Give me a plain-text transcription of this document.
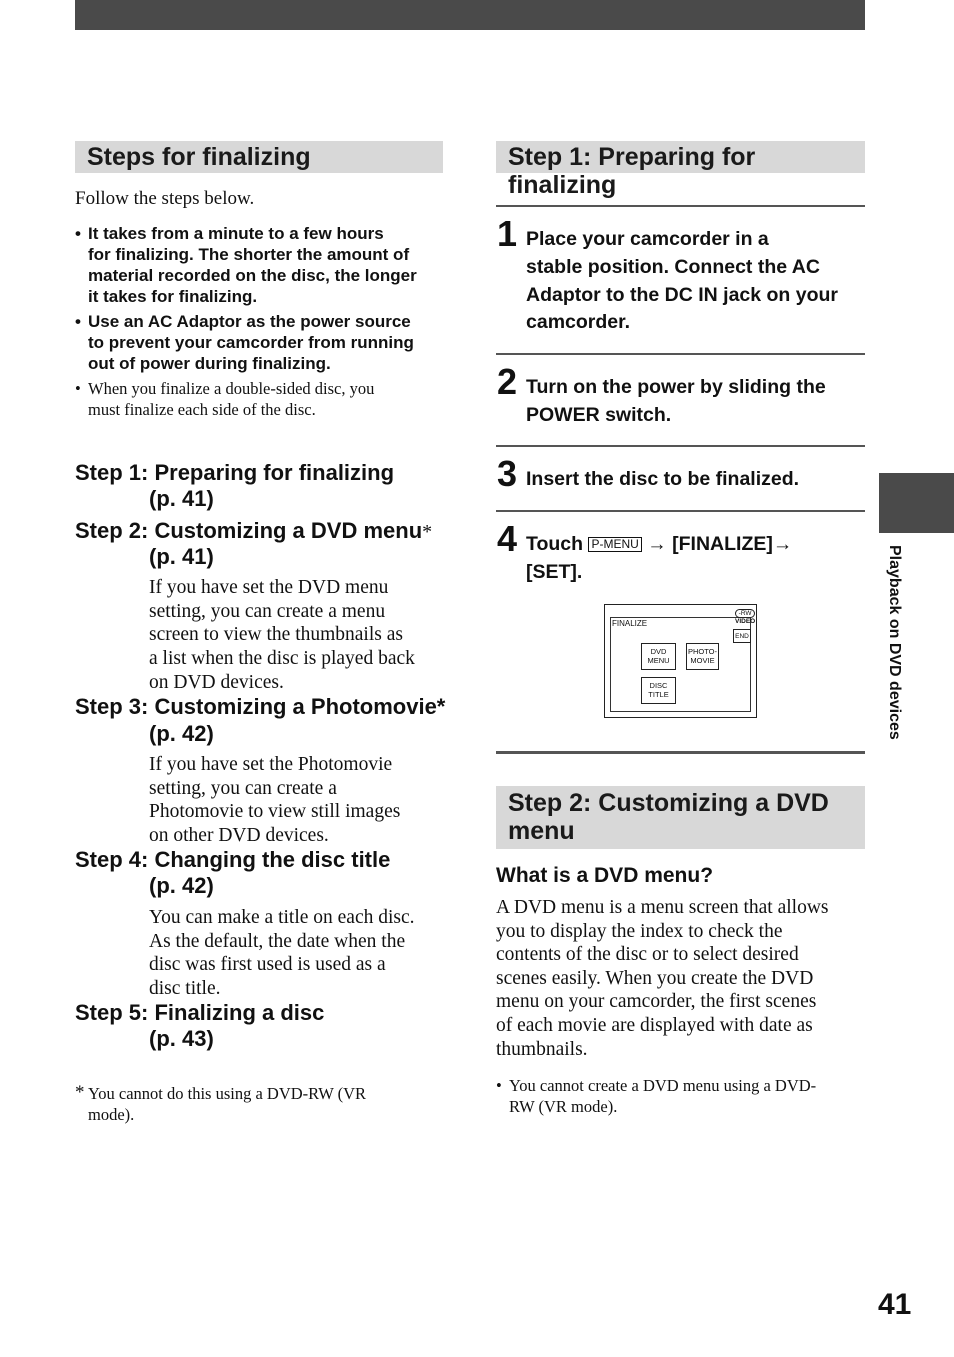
Steps for finalizing
Follow the steps below.
• It takes from a minute to a few hours
for finalizing. The shorter the amount of
material recorded on the disc, the longer
it takes for finalizing.
• Use an AC Adaptor as the power source
to prevent your camcorder from running
out of power during finalizing.
• When you finalize a double-sided disc, you
must finalize each side of the disc.
Step 1: Preparing for finalizing
(p. 41)
Step 2: Customizing a DVD menu*
(p. 41)
If you have set the DVD menu
setting, you can create a menu
screen to view the thumbnails as
a list when the disc is played back
on DVD devices.
Step 3: Customizing a Photomovie*
(p. 42)
If you have set the Photomovie
setting, you can create a
Photomovie to view still images
on other DVD devices.
Step 4: Changing the disc title
(p. 42)
You can make a title on each disc.
As the default, the date when the
disc was first used is used as a
disc title.
Step 5: Finalizing a disc
(p. 43)
* You cannot do this using a DVD-RW (VR
mode).
Step 1: Preparing for finalizing
1 Place your camcorder in a
stable position. Connect the AC
Adaptor to the DC IN jack on your
camcorder.
2 Turn on the power by sliding the
POWER switch.
3 Insert the disc to be finalized.
4 Touch P-MENU → [FINALIZE]→
[SET].
FINALIZE
-RW
VIDEO
END
DVD
MENU
PHOTO-
MOVIE
DISC
TITLE
Step 2: Customizing a DVD
menu
What is a DVD menu?
A DVD menu is a menu screen that allows
you to display the index to check the
contents of the disc or to select desired
scenes easily. When you create the DVD
menu on your camcorder, the first scenes
of each movie are displayed with date as
thumbnails.
• You cannot create a DVD menu using a DVD-
RW (VR mode).
Playback on DVD devices
41
